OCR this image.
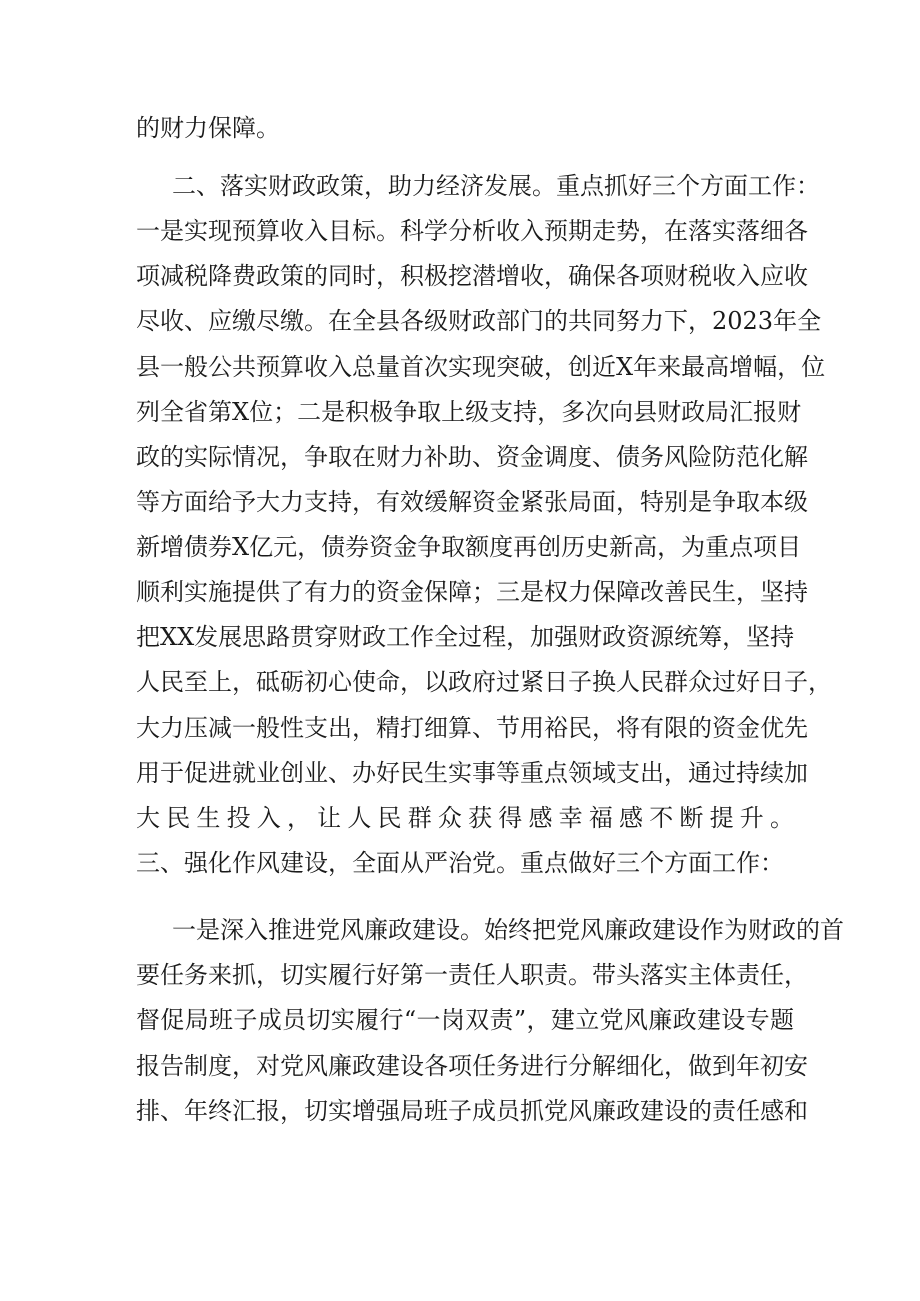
的财力保障。
二、落实财政政策，助力经济发展。重点抓好三个方面工作：
一是实现预算收入目标。科学分析收入预期走势，在落实落细各
项减税降费政策的同时，积极挖潜增收，确保各项财税收入应收
尽收、应缴尽缴。在全县各级财政部门的共同努力下，2023年全
县一般公共预算收入总量首次实现突破，创近X年来最高增幅，位
列全省第X位；二是积极争取上级支持，多次向县财政局汇报财
政的实际情况，争取在财力补助、资金调度、债务风险防范化解
等方面给予大力支持，有效缓解资金紧张局面，特别是争取本级
新增债券X亿元，债券资金争取额度再创历史新高，为重点项目
顺利实施提供了有力的资金保障；三是权力保障改善民生，坚持
把XX发展思路贯穿财政工作全过程，加强财政资源统筹，坚持
人民至上，砥砺初心使命，以政府过紧日子换人民群众过好日子，
大力压减一般性支出，精打细算、节用裕民，将有限的资金优先
用于促进就业创业、办好民生实事等重点领域支出，通过持续加
大民生投入，让人民群众获得感幸福感不断提升。
三、强化作风建设，全面从严治党。重点做好三个方面工作：
一是深入推进党风廉政建设。始终把党风廉政建设作为财政的首
要任务来抓，切实履行好第一责任人职责。带头落实主体责任，
督促局班子成员切实履行“一岗双责”，建立党风廉政建设专题
报告制度，对党风廉政建设各项任务进行分解细化，做到年初安
排、年终汇报，切实增强局班子成员抓党风廉政建设的责任感和
